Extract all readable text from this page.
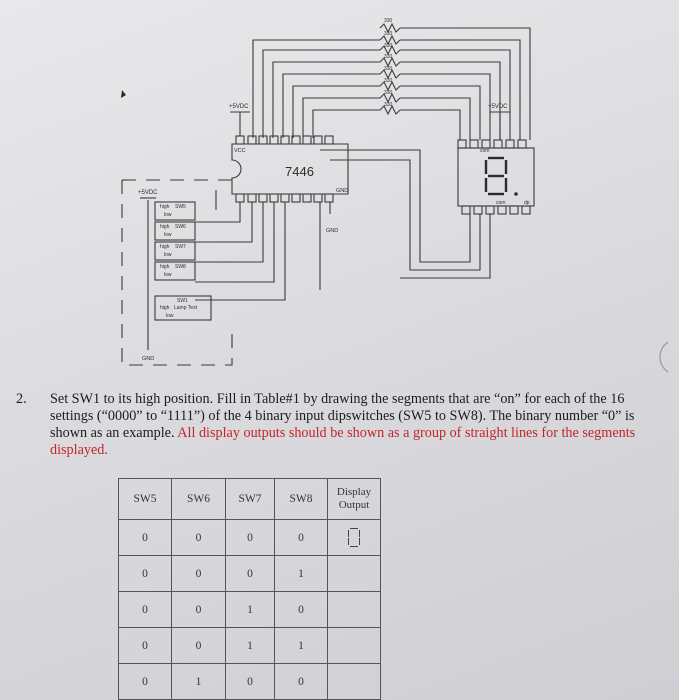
7446
+5VDC	+5VDC
+5VDC
VCC
GND
GND
GND
330
330
330
330
330
330
330
330
high SW5
low
high SW6
low
high SW7
low
high SW8
low
SW1
high Lamp Test
low
com
com	dp
2. Set SW1 to its high position. Fill in Table#1 by drawing the segments that are “on” for each of the 16 settings (“0000” to “1111”) of the 4 binary input dipswitches (SW5 to SW8). The binary number “0” is shown as an example. All display outputs should be shown as a group of straight lines for the segments displayed.
SW5	SW6	SW7	SW8	Display Output
0	0	0	0	

0	0	0	1	
0	0	1	0	
0	0	1	1	
0	1	0	0	
